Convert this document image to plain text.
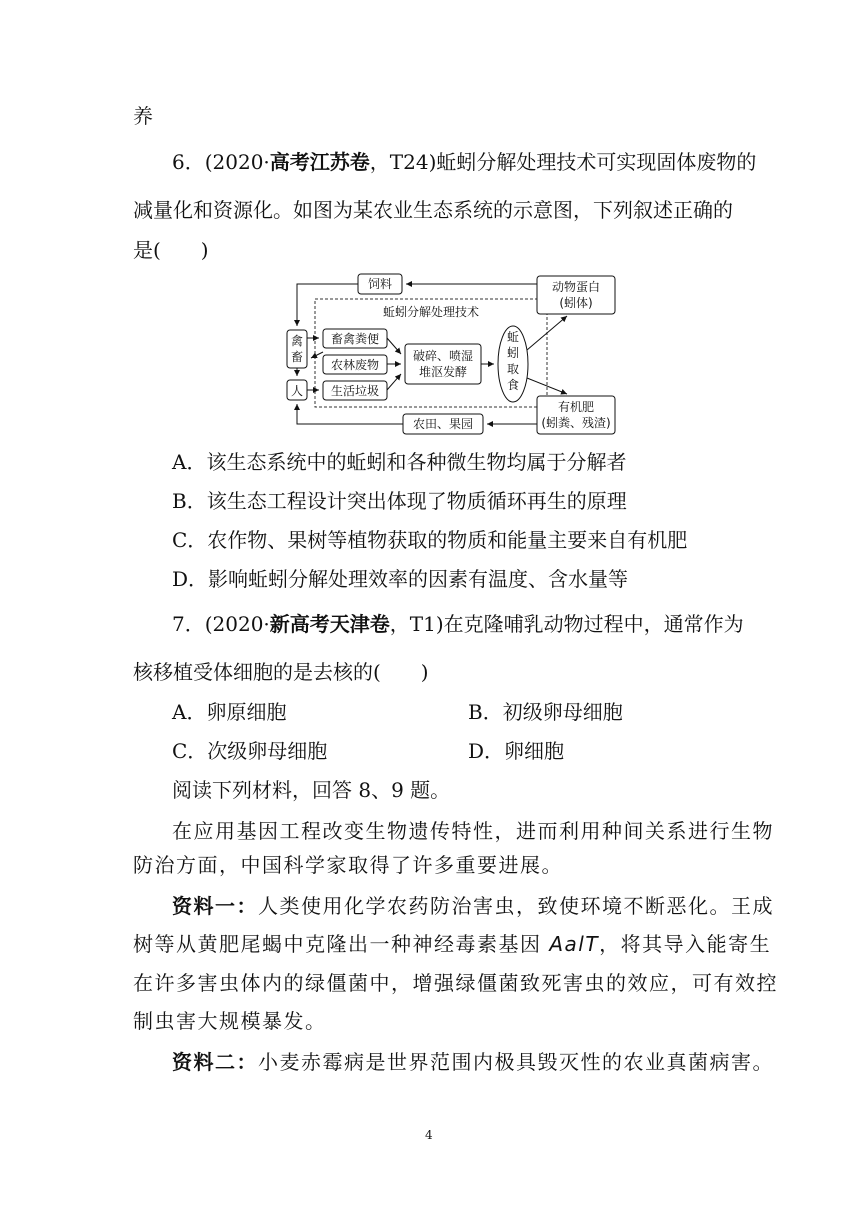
养
6．(2020·高考江苏卷，T24)蚯蚓分解处理技术可实现固体废物的
减量化和资源化。如图为某农业生态系统的示意图，下列叙述正确的
是(　　)
蚯蚓分解处理技术
饲料	动物蛋白
(蚓体)
禽
畜
人
畜禽粪便
农林废物
生活垃圾
破碎、喷湿
堆沤发酵
蚯
蚓
取
食
有机肥
(蚓粪、残渣)
农田、果园
A．该生态系统中的蚯蚓和各种微生物均属于分解者
B．该生态工程设计突出体现了物质循环再生的原理
C．农作物、果树等植物获取的物质和能量主要来自有机肥
D．影响蚯蚓分解处理效率的因素有温度、含水量等
7．(2020·新高考天津卷，T1)在克隆哺乳动物过程中，通常作为
核移植受体细胞的是去核的(　　)
A．卵原细胞	B．初级卵母细胞
C．次级卵母细胞	D．卵细胞
阅读下列材料，回答 8、9 题。
在应用基因工程改变生物遗传特性，进而利用种间关系进行生物
防治方面，中国科学家取得了许多重要进展。
资料一：人类使用化学农药防治害虫，致使环境不断恶化。王成
树等从黄肥尾蝎中克隆出一种神经毒素基因 AalT，将其导入能寄生
在许多害虫体内的绿僵菌中，增强绿僵菌致死害虫的效应，可有效控
制虫害大规模暴发。
资料二：小麦赤霉病是世界范围内极具毁灭性的农业真菌病害。
4
